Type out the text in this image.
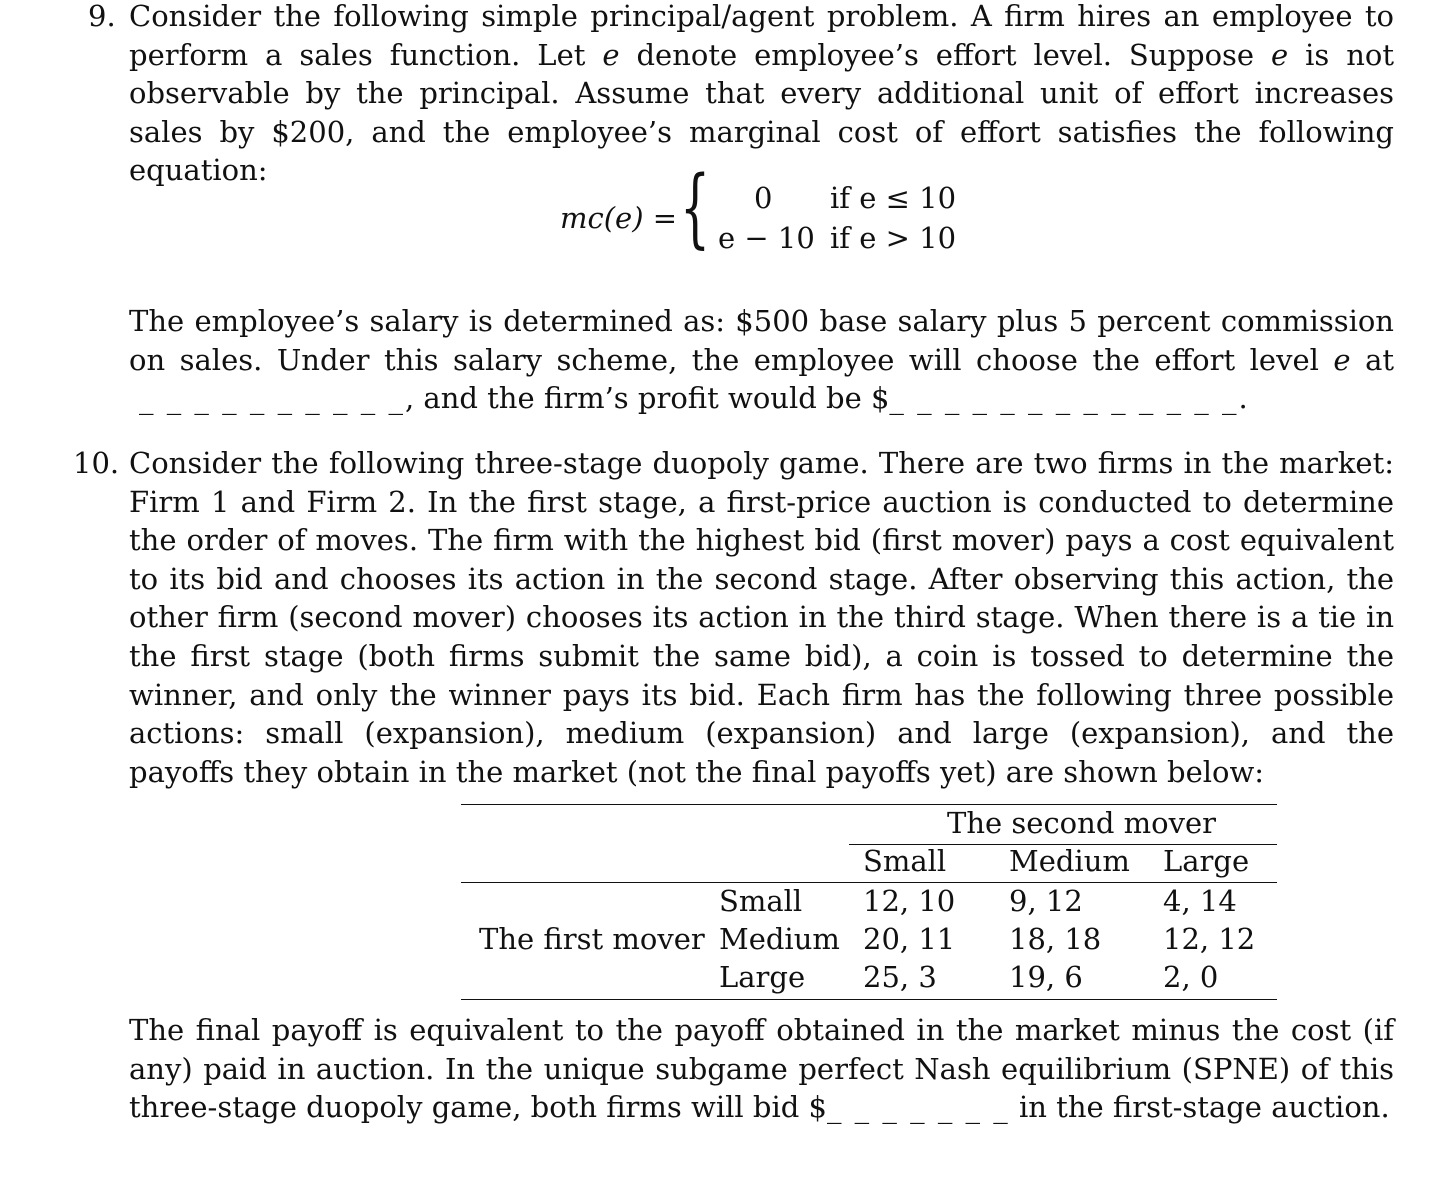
9. Consider the following simple principal/agent problem. A firm hires an employee to perform a sales function. Let e denote employee’s effort level. Suppose e is not observable by the principal. Assume that every additional unit of effort increases sales by $200, and the employee’s marginal cost of effort satisfies the following equation:

mc(e) = { 0 if e ≤ 10
e − 10 if e > 10

The employee’s salary is determined as: $500 base salary plus 5 percent commission on sales. Under this salary scheme, the employee will choose the effort level e at _ _ _ _ _ _ _ _ _ _, and the firm’s profit would be $_ _ _ _ _ _ _ _ _ _ _ _ _.

10. Consider the following three-stage duopoly game. There are two firms in the market: Firm 1 and Firm 2. In the first stage, a first-price auction is conducted to determine the order of moves. The firm with the highest bid (first mover) pays a cost equivalent to its bid and chooses its action in the second stage. After observing this action, the other firm (second mover) chooses its action in the third stage. When there is a tie in the first stage (both firms submit the same bid), a coin is tossed to determine the winner, and only the winner pays its bid. Each firm has the following three possible actions: small (expansion), medium (expansion) and large (expansion), and the payoffs they obtain in the market (not the final payoffs yet) are shown below:

The second mover
Small Medium Large
The first mover
Small 12, 10 9, 12	4, 14
Medium 20, 11 18, 18 12, 12
Large 25, 3 19, 6	2, 0

The final payoff is equivalent to the payoff obtained in the market minus the cost (if any) paid in auction. In the unique subgame perfect Nash equilibrium (SPNE) of this three-stage duopoly game, both firms will bid $_ _ _ _ _ _ _ in the first-stage auction.
